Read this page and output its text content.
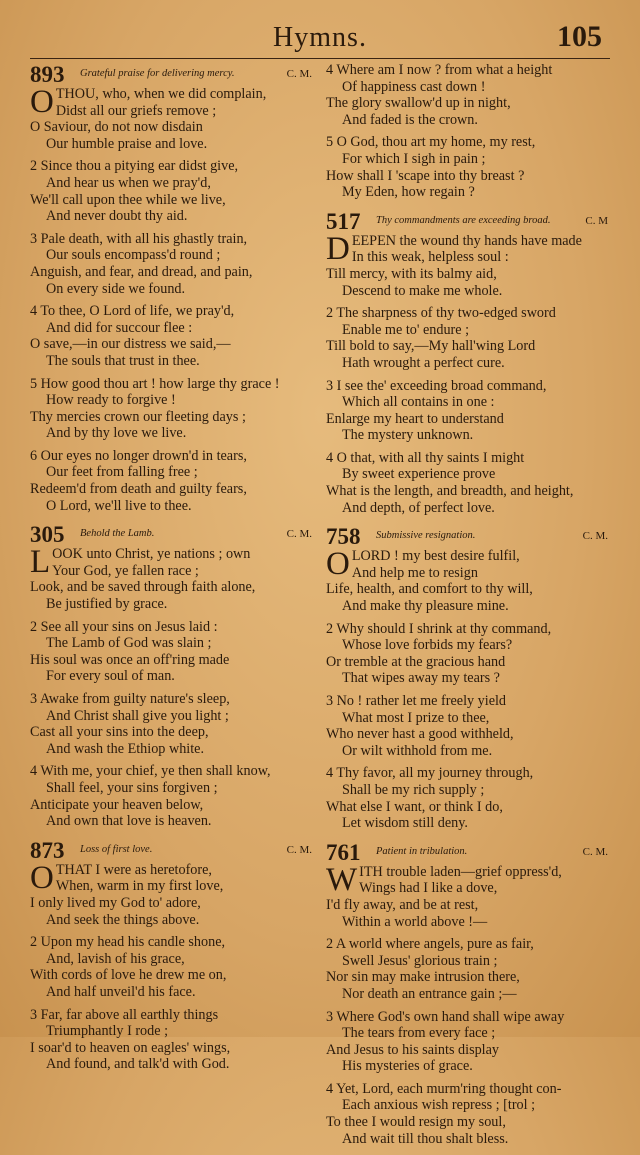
Hymns.	105
893 Grateful praise for delivering mercy.	C. M.
O THOU, who, when we did complain,
Didst all our griefs remove ;
O Saviour, do not now disdain
Our humble praise and love.
2 Since thou a pitying ear didst give,
And hear us when we pray'd,
We'll call upon thee while we live,
And never doubt thy aid.
3 Pale death, with all his ghastly train,
Our souls encompass'd round ;
Anguish, and fear, and dread, and pain,
On every side we found.
4 To thee, O Lord of life, we pray'd,
And did for succour flee :
O save,—in our distress we said,—
The souls that trust in thee.
5 How good thou art ! how large thy grace !
How ready to forgive !
Thy mercies crown our fleeting days ;
And by thy love we live.
6 Our eyes no longer drown'd in tears,
Our feet from falling free ;
Redeem'd from death and guilty fears,
O Lord, we'll live to thee.
305 Behold the Lamb.	C. M.
LOOK unto Christ, ye nations ; own
Your God, ye fallen race ;
Look, and be saved through faith alone,
Be justified by grace.
2 See all your sins on Jesus laid :
The Lamb of God was slain ;
His soul was once an off'ring made
For every soul of man.
3 Awake from guilty nature's sleep,
And Christ shall give you light ;
Cast all your sins into the deep,
And wash the Ethiop white.
4 With me, your chief, ye then shall know,
Shall feel, your sins forgiven ;
Anticipate your heaven below,
And own that love is heaven.
873 Loss of first love.	C. M.
O THAT I were as heretofore,
When, warm in my first love,
I only lived my God to' adore,
And seek the things above.
2 Upon my head his candle shone,
And, lavish of his grace,
With cords of love he drew me on,
And half unveil'd his face.
3 Far, far above all earthly things
Triumphantly I rode ;
I soar'd to heaven on eagles' wings,
And found, and talk'd with God.
4 Where am I now ? from what a height
Of happiness cast down !
The glory swallow'd up in night,
And faded is the crown.
5 O God, thou art my home, my rest,
For which I sigh in pain ;
How shall I 'scape into thy breast ?
My Eden, how regain ?
517 Thy commandments are exceeding broad.	C. M
DEEPEN the wound thy hands have made
In this weak, helpless soul :
Till mercy, with its balmy aid,
Descend to make me whole.
2 The sharpness of thy two-edged sword
Enable me to' endure ;
Till bold to say,—My hall'wing Lord
Hath wrought a perfect cure.
3 I see the' exceeding broad command,
Which all contains in one :
Enlarge my heart to understand
The mystery unknown.
4 O that, with all thy saints I might
By sweet experience prove
What is the length, and breadth, and height,
And depth, of perfect love.
758 Submissive resignation.	C. M.
O LORD ! my best desire fulfil,
And help me to resign
Life, health, and comfort to thy will,
And make thy pleasure mine.
2 Why should I shrink at thy command,
Whose love forbids my fears?
Or tremble at the gracious hand
That wipes away my tears ?
3 No ! rather let me freely yield
What most I prize to thee,
Who never hast a good withheld,
Or wilt withhold from me.
4 Thy favor, all my journey through,
Shall be my rich supply ;
What else I want, or think I do,
Let wisdom still deny.
761 Patient in tribulation.	C. M.
WITH trouble laden—grief oppress'd,
Wings had I like a dove,
I'd fly away, and be at rest,
Within a world above !—
2 A world where angels, pure as fair,
Swell Jesus' glorious train ;
Nor sin may make intrusion there,
Nor death an entrance gain ;—
3 Where God's own hand shall wipe away
The tears from every face ;
And Jesus to his saints display
His mysteries of grace.
4 Yet, Lord, each murm'ring thought con-
Each anxious wish repress ; [trol ;
To thee I would resign my soul,
And wait till thou shalt bless.
